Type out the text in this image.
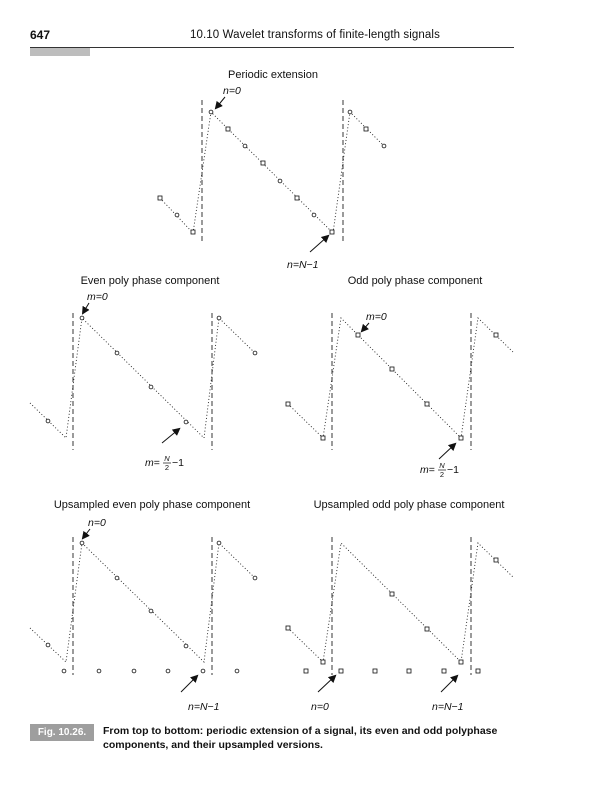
647	10.10 Wavelet transforms of finite-length signals
Periodic extension
Even poly phase component	Odd poly phase component
Upsampled even poly phase component	Upsampled odd poly phase component
n=0
n=N−1
m=0
m= N
2 −1
m=0
m= N
2 −1
n=0
n=N−1	n=0	n=N−1
Fig. 10.26.	From top to bottom: periodic extension of a signal, its even and odd polyphase components, and their upsampled versions.
